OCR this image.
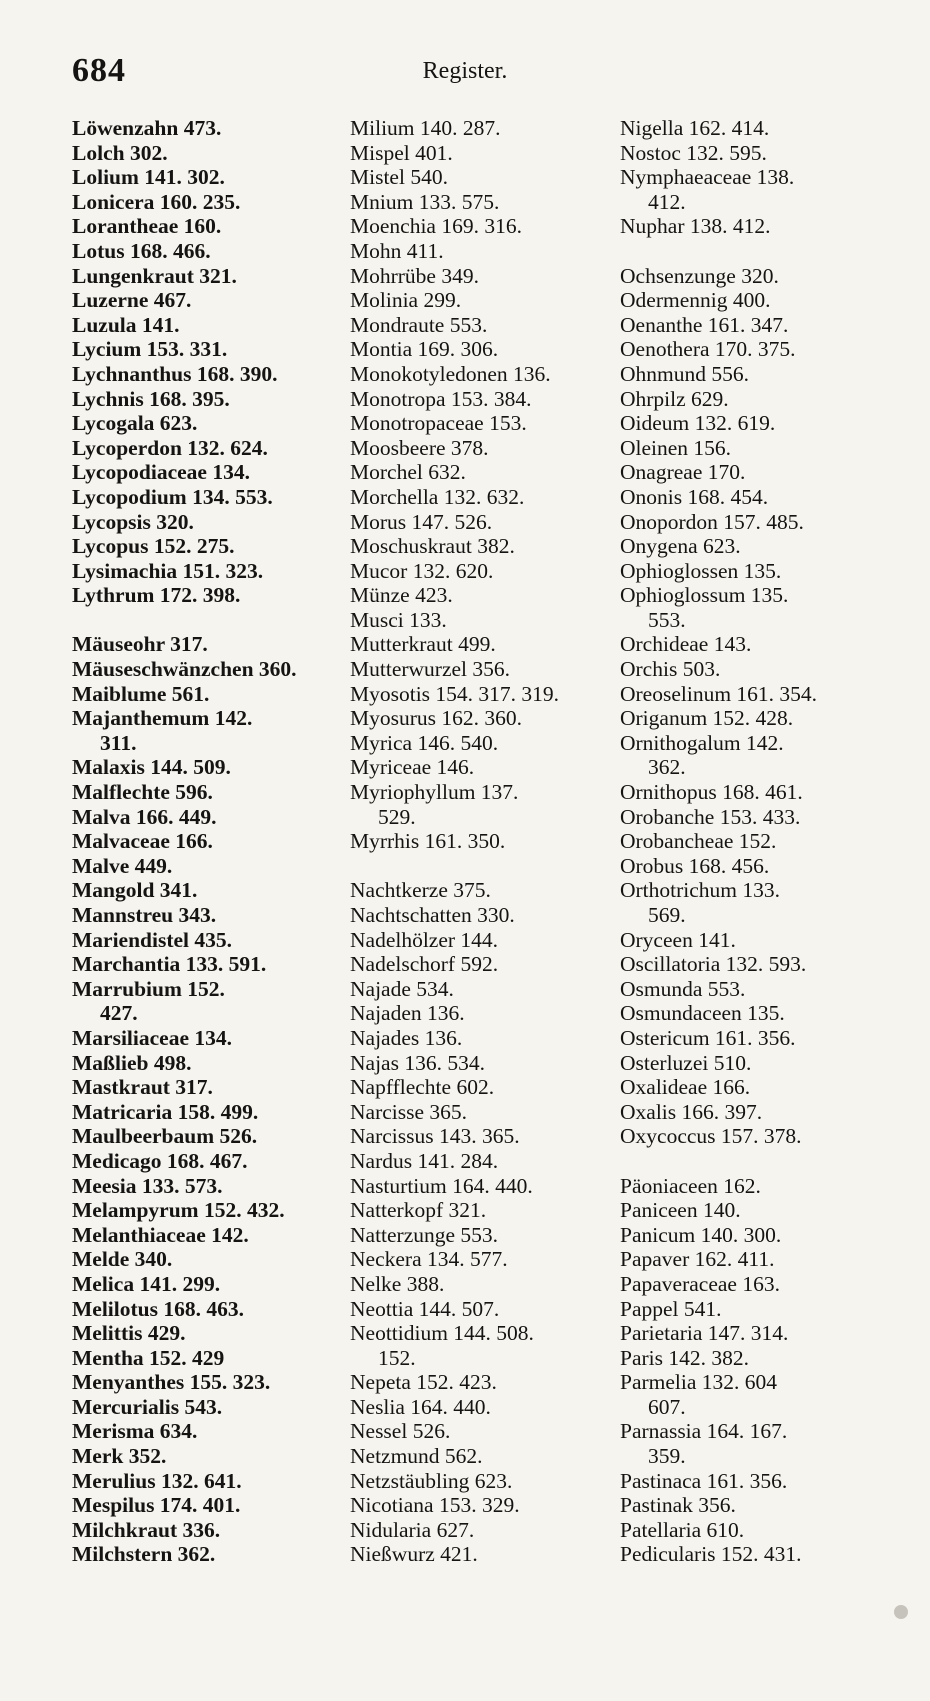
684	Register.
Löwenzahn 473.
Lolch 302.
Lolium 141. 302.
Lonicera 160. 235.
Lorantheae 160.
Lotus 168. 466.
Lungenkraut 321.
Luzerne 467.
Luzula 141.
Lycium 153. 331.
Lychnanthus 168. 390.
Lychnis 168. 395.
Lycogala 623.
Lycoperdon 132. 624.
Lycopodiaceae 134.
Lycopodium 134. 553.
Lycopsis 320.
Lycopus 152. 275.
Lysimachia 151. 323.
Lythrum 172. 398.
Mäuseohr 317.
Mäuseschwänzchen 360.
Maiblume 561.
Majanthemum 142.
311.
Malaxis 144. 509.
Malflechte 596.
Malva 166. 449.
Malvaceae 166.
Malve 449.
Mangold 341.
Mannstreu 343.
Mariendistel 435.
Marchantia 133. 591.
Marrubium 152.
427.
Marsiliaceae 134.
Maßlieb 498.
Mastkraut 317.
Matricaria 158. 499.
Maulbeerbaum 526.
Medicago 168. 467.
Meesia 133. 573.
Melampyrum 152. 432.
Melanthiaceae 142.
Melde 340.
Melica 141. 299.
Melilotus 168. 463.
Melittis 429.
Mentha 152. 429
Menyanthes 155. 323.
Mercurialis 543.
Merisma 634.
Merk 352.
Merulius 132. 641.
Mespilus 174. 401.
Milchkraut 336.
Milchstern 362.
Milium 140. 287.
Mispel 401.
Mistel 540.
Mnium 133. 575.
Moenchia 169. 316.
Mohn 411.
Mohrrübe 349.
Molinia 299.
Mondraute 553.
Montia 169. 306.
Monokotyledonen 136.
Monotropa 153. 384.
Monotropaceae 153.
Moosbeere 378.
Morchel 632.
Morchella 132. 632.
Morus 147. 526.
Moschuskraut 382.
Mucor 132. 620.
Münze 423.
Musci 133.
Mutterkraut 499.
Mutterwurzel 356.
Myosotis 154. 317. 319.
Myosurus 162. 360.
Myrica 146. 540.
Myriceae 146.
Myriophyllum 137.
529.
Myrrhis 161. 350.
Nachtkerze 375.
Nachtschatten 330.
Nadelhölzer 144.
Nadelschorf 592.
Najade 534.
Najaden 136.
Najades 136.
Najas 136. 534.
Napfflechte 602.
Narcisse 365.
Narcissus 143. 365.
Nardus 141. 284.
Nasturtium 164. 440.
Natterkopf 321.
Natterzunge 553.
Neckera 134. 577.
Nelke 388.
Neottia 144. 507.
Neottidium 144. 508.
152.
Nepeta 152. 423.
Neslia 164. 440.
Nessel 526.
Netzmund 562.
Netzstäubling 623.
Nicotiana 153. 329.
Nidularia 627.
Nießwurz 421.
Nigella 162. 414.
Nostoc 132. 595.
Nymphaeaceae 138.
412.
Nuphar 138. 412.
Ochsenzunge 320.
Odermennig 400.
Oenanthe 161. 347.
Oenothera 170. 375.
Ohnmund 556.
Ohrpilz 629.
Oideum 132. 619.
Oleinen 156.
Onagreae 170.
Ononis 168. 454.
Onopordon 157. 485.
Onygena 623.
Ophioglossen 135.
Ophioglossum 135.
553.
Orchideae 143.
Orchis 503.
Oreoselinum 161. 354.
Origanum 152. 428.
Ornithogalum 142.
362.
Ornithopus 168. 461.
Orobanche 153. 433.
Orobancheae 152.
Orobus 168. 456.
Orthotrichum 133.
569.
Oryceen 141.
Oscillatoria 132. 593.
Osmunda 553.
Osmundaceen 135.
Ostericum 161. 356.
Osterluzei 510.
Oxalideae 166.
Oxalis 166. 397.
Oxycoccus 157. 378.
Päoniaceen 162.
Paniceen 140.
Panicum 140. 300.
Papaver 162. 411.
Papaveraceae 163.
Pappel 541.
Parietaria 147. 314.
Paris 142. 382.
Parmelia 132. 604
607.
Parnassia 164. 167.
359.
Pastinaca 161. 356.
Pastinak 356.
Patellaria 610.
Pedicularis 152. 431.
